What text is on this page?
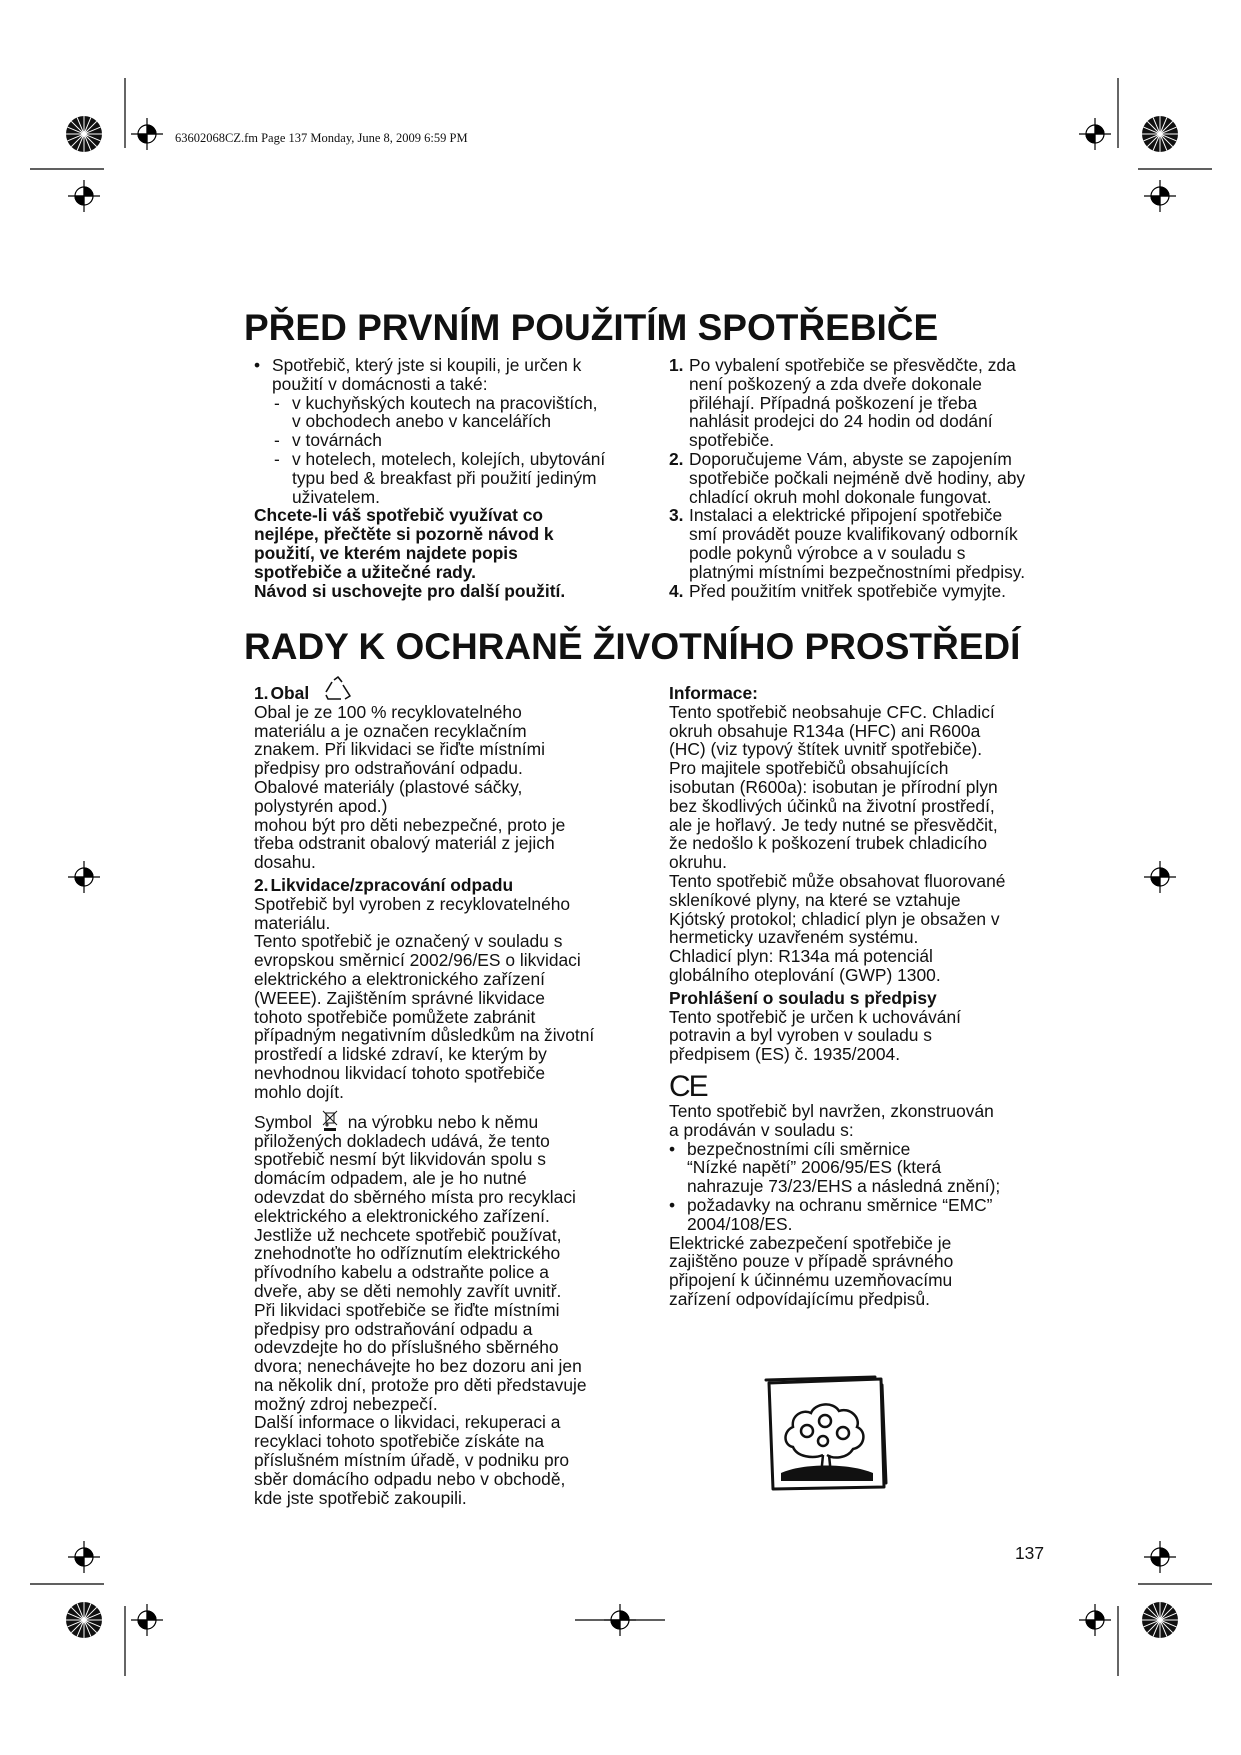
63602068CZ.fm Page 137 Monday, June 8, 2009 6:59 PM
PŘED PRVNÍM POUŽITÍM SPOTŘEBIČE
• Spotřebič, který jste si koupili, je určen k

použití v domácnosti a také:

- v kuchyňských koutech na pracovištích,

v obchodech anebo v kancelářích

- v továrnách

- v hotelech, motelech, kolejích, ubytování

typu bed & breakfast při použití jediným

uživatelem.

Chcete-li váš spotřebič využívat co

nejlépe, přečtěte si pozorně návod k

použití, ve kterém najdete popis

spotřebiče a užitečné rady.

Návod si uschovejte pro další použití.

1. Po vybalení spotřebiče se přesvědčte, zda

není poškozený a zda dveře dokonale

přiléhají. Případná poškození je třeba

nahlásit prodejci do 24 hodin od dodání

spotřebiče.

2. Doporučujeme Vám, abyste se zapojením

spotřebiče počkali nejméně dvě hodiny, aby

chladící okruh mohl dokonale fungovat.

3. Instalaci a elektrické připojení spotřebiče

smí provádět pouze kvalifikovaný odborník

podle pokynů výrobce a v souladu s

platnými místními bezpečnostními předpisy.

4. Před použitím vnitřek spotřebiče vymyjte.

RADY K OCHRANĚ ŽIVOTNÍHO PROSTŘEDÍ
1. Obal

Obal je ze 100 % recyklovatelného

materiálu a je označen recyklačním

znakem. Při likvidaci se řiďte místními

předpisy pro odstraňování odpadu.

Obalové materiály (plastové sáčky,

polystyrén apod.)

mohou být pro děti nebezpečné, proto je

třeba odstranit obalový materiál z jejich

dosahu.

2. Likvidace/zpracování odpadu

Spotřebič byl vyroben z recyklovatelného

materiálu.

Tento spotřebič je označený v souladu s

evropskou směrnicí 2002/96/ES o likvidaci

elektrického a elektronického zařízení

(WEEE). Zajištěním správné likvidace

tohoto spotřebiče pomůžete zabránit

případným negativním důsledkům na životní

prostředí a lidské zdraví, ke kterým by

nevhodnou likvidací tohoto spotřebiče

mohlo dojít.

Symbol na výrobku nebo k němu

přiložených dokladech udává, že tento

spotřebič nesmí být likvidován spolu s

domácím odpadem, ale je ho nutné

odevzdat do sběrného místa pro recyklaci

elektrického a elektronického zařízení.

Jestliže už nechcete spotřebič používat,

znehodnoťte ho odříznutím elektrického

přívodního kabelu a odstraňte police a

dveře, aby se děti nemohly zavřít uvnitř.

Při likvidaci spotřebiče se řiďte místními

předpisy pro odstraňování odpadu a

odevzdejte ho do příslušného sběrného

dvora; nenechávejte ho bez dozoru ani jen

na několik dní, protože pro děti představuje

možný zdroj nebezpečí.

Další informace o likvidaci, rekuperaci a

recyklaci tohoto spotřebiče získáte na

příslušném místním úřadě, v podniku pro

sběr domácího odpadu nebo v obchodě,

kde jste spotřebič zakoupili.

Informace:

Tento spotřebič neobsahuje CFC. Chladicí

okruh obsahuje R134a (HFC) ani R600a

(HC) (viz typový štítek uvnitř spotřebiče).

Pro majitele spotřebičů obsahujících

isobutan (R600a): isobutan je přírodní plyn

bez škodlivých účinků na životní prostředí,

ale je hořlavý. Je tedy nutné se přesvědčit,

že nedošlo k poškození trubek chladicího

okruhu.

Tento spotřebič může obsahovat fluorované

skleníkové plyny, na které se vztahuje

Kjótský protokol; chladicí plyn je obsažen v

hermeticky uzavřeném systému.

Chladicí plyn: R134a má potenciál

globálního oteplování (GWP) 1300.

Prohlášení o souladu s předpisy

Tento spotřebič je určen k uchovávání

potravin a byl vyroben v souladu s

předpisem (ES) č. 1935/2004.

CE

Tento spotřebič byl navržen, zkonstruován

a prodáván v souladu s:

• bezpečnostními cíli směrnice

“Nízké napětí” 2006/95/ES (která

nahrazuje 73/23/EHS a následná znění);

• požadavky na ochranu směrnice “EMC”

2004/108/ES.

Elektrické zabezpečení spotřebiče je

zajištěno pouze v případě správného

připojení k účinnému uzemňovacímu

zařízení odpovídajícímu předpisů.

137
